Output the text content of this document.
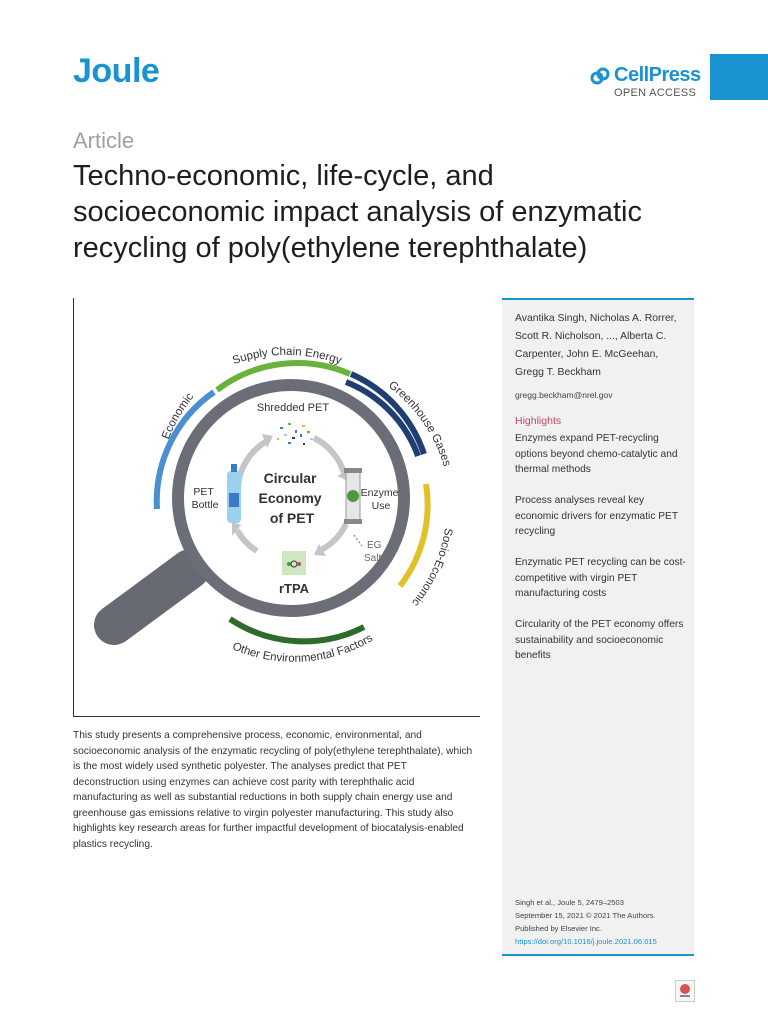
Joule	CellPress
OPEN ACCESS
Article
Techno-economic, life-cycle, and socioeconomic impact analysis of enzymatic recycling of poly(ethylene terephthalate)
Economic
Supply Chain Energy
Greenhouse Gases
Socio-Economic
Other Environmental Factors
Shredded PET
Circular Economy of PET
PET Bottle
Enzyme Use
EG Salt
rTPA

This study presents a comprehensive process, economic, environmental, and socioeconomic analysis of the enzymatic recycling of poly(ethylene terephthalate), which is the most widely used synthetic polyester. The analyses predict that PET deconstruction using enzymes can achieve cost parity with terephthalic acid manufacturing as well as substantial reductions in both supply chain energy use and greenhouse gas emissions relative to virgin polyester manufacturing. This study also highlights key research areas for further impactful development of biocatalysis-enabled plastics recycling.

Avantika Singh, Nicholas A. Rorrer, Scott R. Nicholson, ..., Alberta C. Carpenter, John E. McGeehan, Gregg T. Beckham
gregg.beckham@nrel.gov
Highlights
Enzymes expand PET-recycling options beyond chemo-catalytic and thermal methods
Process analyses reveal key economic drivers for enzymatic PET recycling
Enzymatic PET recycling can be cost-competitive with virgin PET manufacturing costs
Circularity of the PET economy offers sustainability and socioeconomic benefits
Singh et al., Joule 5, 2479–2503
September 15, 2021 © 2021 The Authors.
Published by Elsevier Inc.
https://doi.org/10.1016/j.joule.2021.06.015
